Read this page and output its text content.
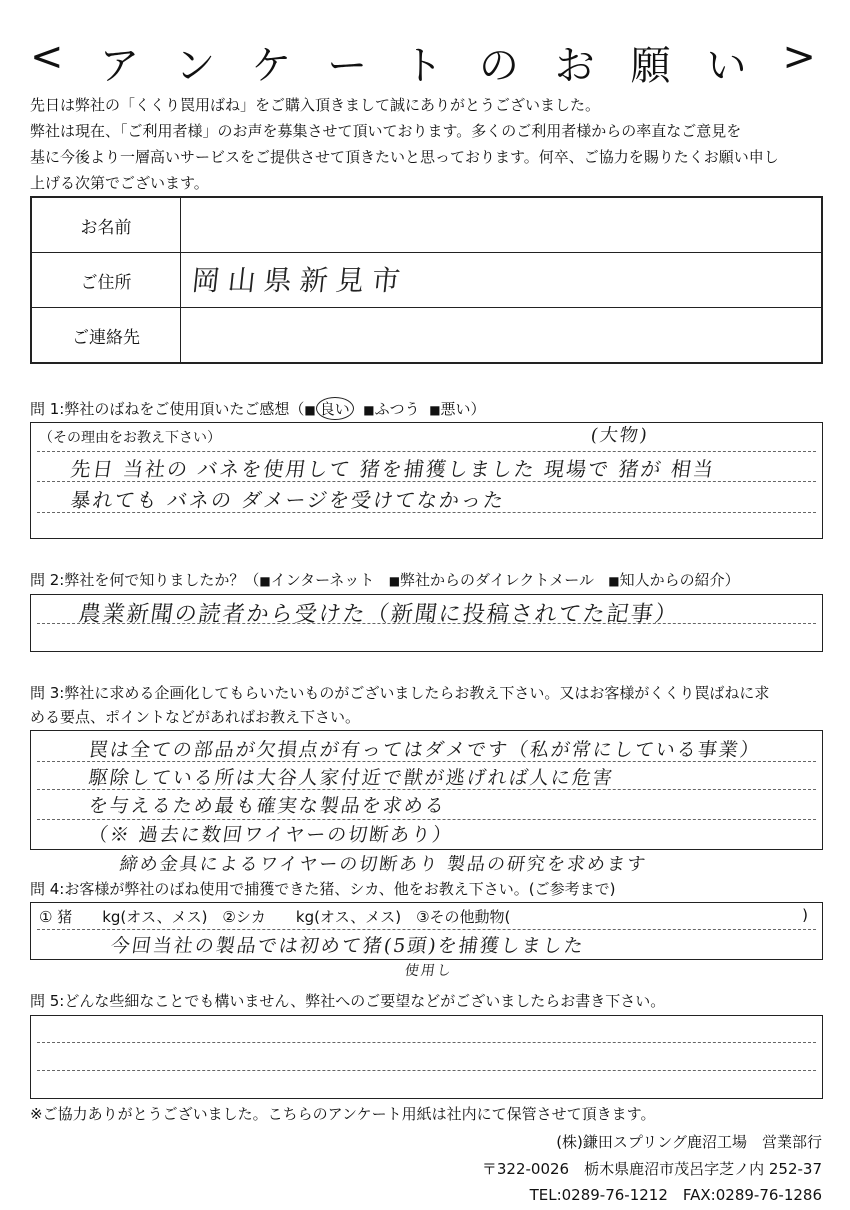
< ア ン ケ ー ト の お 願 い >

先日は弊社の「くくり罠用ばね」をご購入頂きまして誠にありがとうございました。

弊社は現在、「ご利用者様」のお声を募集させて頂いております。多くのご利用者様からの率直なご意見を

基に今後より一層高いサービスをご提供させて頂きたいと思っております。何卒、ご協力を賜りたくお願い申し

上げる次第でございます。

お名前
ご住所	岡山県新見市
ご連絡先
問 1:弊社のばねをご使用頂いたご感想（■ 良い ■ふつう ■悪い）
（その理由をお教え下さい）	(大物)
先日 当社の バネを使用して 猪を捕獲しました 現場で 猪が 相当
暴れても バネの ダメージを受けてなかった
問 2:弊社を何で知りましたか？（■インターネット ■弊社からのダイレクトメール ■知人からの紹介）
農業新聞の読者から受けた（新聞に投稿されてた記事）
問 3:弊社に求める企画化してもらいたいものがございましたらお教え下さい。又はお客様がくくり罠ばねに求
める要点、ポイントなどがあればお教え下さい。
罠は全ての部品が欠損点が有ってはダメです（私が常にしている事業）
駆除している所は大谷人家付近で獣が逃げれば人に危害
を与えるため最も確実な製品を求める
（※ 過去に数回ワイヤーの切断あり）
締め金具によるワイヤーの切断あり 製品の研究を求めます
問 4:お客様が弊社のばね使用で捕獲できた猪、シカ、他をお教え下さい。(ご参考まで)
① 猪　　kg(オス、メス)　②シカ　　kg(オス、メス)　③その他動物(	)
今回当社の製品では初めて猪(5頭)を捕獲しました
使用し
問 5:どんな些細なことでも構いません、弊社へのご要望などがございましたらお書き下さい。
※ご協力ありがとうございました。こちらのアンケート用紙は社内にて保管させて頂きます。
(株)鎌田スプリング鹿沼工場　営業部行
〒322-0026　栃木県鹿沼市茂呂字芝ノ内 252-37
TEL:0289-76-1212　FAX:0289-76-1286
